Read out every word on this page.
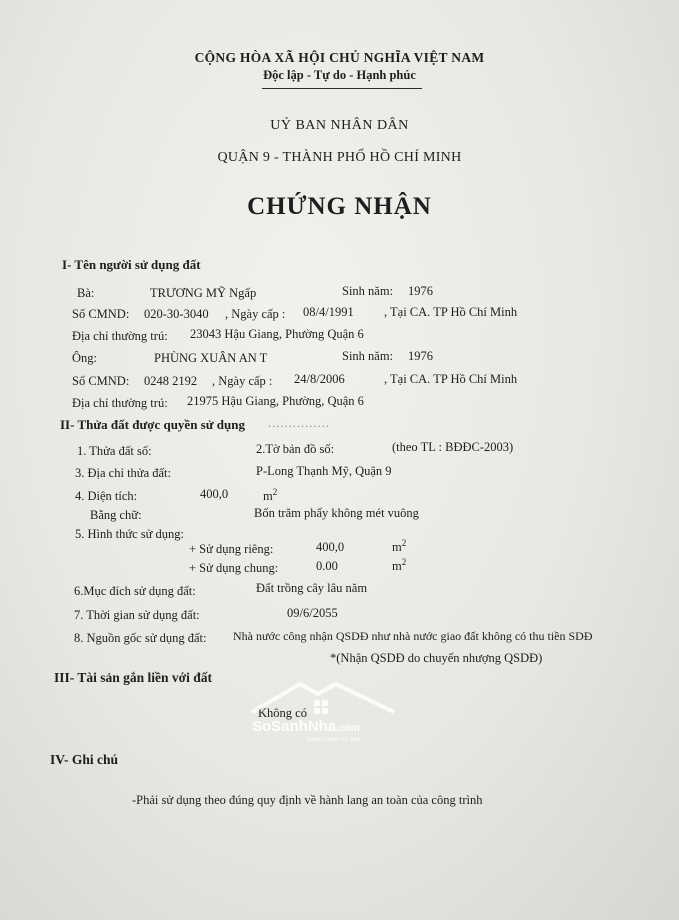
CỘNG HÒA XÃ HỘI CHỦ NGHĨA VIỆT NAM
Độc lập - Tự do - Hạnh phúc
UỶ BAN NHÂN DÂN
QUẬN 9 - THÀNH PHỐ HỒ CHÍ MINH
CHỨNG NHẬN
I- Tên người sử dụng đất
Bà:	TRƯƠNG MỸ Ngấp	Sinh năm: 1976
Số CMND: 020-30-3040 , Ngày cấp : 08/4/1991 , Tại CA. TP Hồ Chí Minh
Địa chỉ thường trú: 23043 Hậu Giang, Phường Quận 6
Ông:	PHÙNG XUÂN AN T	Sinh năm: 1976
Số CMND: 0248 2192 , Ngày cấp : 24/8/2006	, Tại CA. TP Hồ Chí Minh
Địa chỉ thường trú: 21975 Hậu Giang, Phường, Quận 6
II- Thửa đất được quyền sử dụng ...............
1. Thửa đất số:	2.Tờ bản đồ số:	(theo TL : BĐĐC-2003)
3. Địa chỉ thửa đất:	P-Long Thạnh Mỹ, Quận 9
4. Diện tích:	400,0	$m^2$
Bằng chữ:	Bốn trăm phẩy không mét vuông
5. Hình thức sử dụng:
+ Sử dụng riêng:	400,0	$m^2$
+ Sử dụng chung:	0.00	$m^2$
6.Mục đích sử dụng đất:	Đất trồng cây lâu năm
7. Thời gian sử dụng đất:	09/6/2055
8. Nguồn gốc sử dụng đất: Nhà nước công nhận QSDĐ như nhà nước giao đất không có thu tiền SDĐ
*(Nhận QSDĐ do chuyển nhượng QSDĐ)
III- Tài sản gắn liền với đất
Không có
SoSanhNha.com
Great choice for you
IV- Ghi chú
-Phải sử dụng theo đúng quy định về hành lang an toàn của công trình
